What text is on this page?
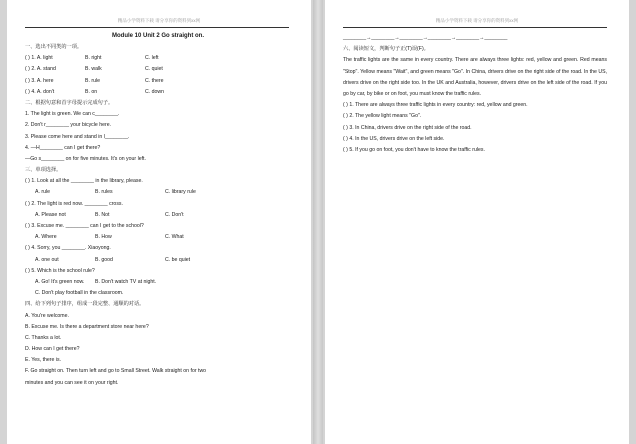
精品小学资料下载 请分享你的资料到xx网
Module 10 Unit 2 Go straight on.
一、选出不同类的一项。
( ) 1. A. light	B. right	C. left
( ) 2. A. stand	B. walk	C. quiet
( ) 3. A. here	B. rule	C. there
( ) 4. A. don't	B. on	C. down
二、根据句意和首字母提示完成句子。
1. The light is green. We can c________.
2. Don't r________ your bicycle here.
3. Please come here and stand in l________.
4. —H________ can I get there?
—Go s________ on for five minutes. It's on your left.
三、单项选择。
( ) 1. Look at all the ________ in the library, please.
A. rule	B. rules	C. library rule
( ) 2. The light is red now. ________ cross.
A. Please not	B. Not	C. Don't
( ) 3. Excuse me. ________ can I get to the school?
A. Where	B. How	C. What
( ) 4. Sorry, you ________. Xiaoyong.
A. one out	B. good	C. be quiet
( ) 5. Which is the school rule?
A. Go! It's green now.	B. Don't watch TV at night.
C. Don't play football in the classroom.
四、给下列句子排序，组成一段完整、通顺的对话。
A. You're welcome.
B. Excuse me. Is there a department store near here?
C. Thanks a lot.
D. How can I get there?
E. Yes, there is.
F. Go straight on. Then turn left and go to Small Street. Walk straight on for two
minutes and you can see it on your right.
精品小学资料下载 请分享你的资料到xx网
________→________→________→________→________→________
六、阅读短文，判断句子正(T)误(F)。
The traffic lights are the same in every country. There are always three lights: red, yellow and green. Red means "Stop". Yellow means "Wait", and green means "Go". In China, drivers drive on the right side of the road. In the US, drivers drive on the right side too. In the UK and Australia, however, drivers drive on the left side of the road. If you go by car, by bike or on foot, you must know the traffic rules.
( ) 1. There are always three traffic lights in every country: red, yellow and green.
( ) 2. The yellow light means "Go".
( ) 3. In China, drivers drive on the right side of the road.
( ) 4. In the US, drivers drive on the left side.
( ) 5. If you go on foot, you don't have to know the traffic rules.
